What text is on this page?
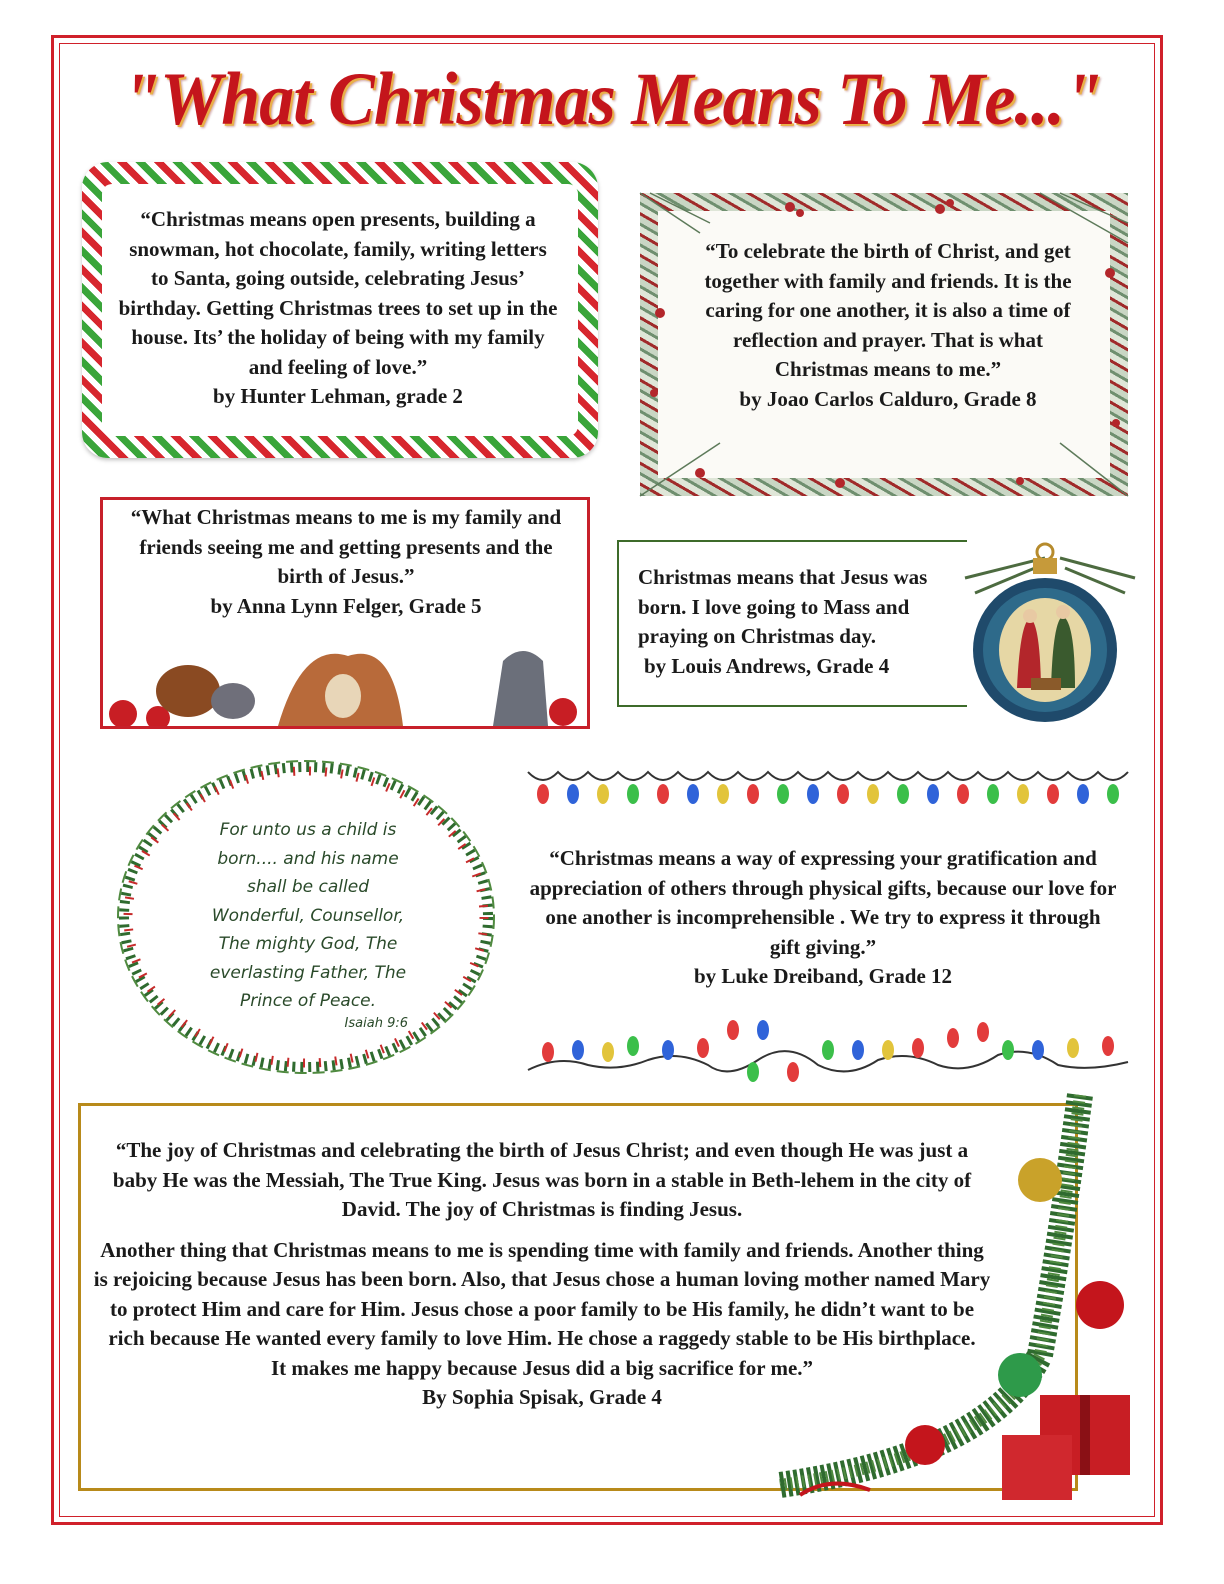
"What Christmas Means To Me..."

“Christmas means open presents, building a snowman, hot chocolate, family, writing letters to Santa, going outside, celebrating Jesus’ birthday. Getting Christmas trees to set up in the house. Its’ the holiday of being with my family and feeling of love.”

by Hunter Lehman, grade 2

“To celebrate the birth of Christ, and get together with family and friends. It is the caring for one another, it is also a time of reflection and prayer. That is what Christmas means to me.”

by Joao Carlos Calduro, Grade 8

“What Christmas means to me is my family and friends seeing me and getting presents and the birth of Jesus.”

by Anna Lynn Felger, Grade 5

Christmas means that Jesus was born. I love going to Mass and praying on Christmas day.

by Louis Andrews, Grade 4

For unto us a child is
born.... and his name
shall be called
Wonderful, Counsellor,
The mighty God, The
everlasting Father, The
Prince of Peace.
Isaiah 9:6

“Christmas means a way of expressing your gratification and appreciation of others through physical gifts, because our love for one another is incomprehensible . We try to express it through gift giving.”

by Luke Dreiband, Grade 12

“The joy of Christmas and celebrating the birth of Jesus Christ; and even though He was just a baby He was the Messiah, The True King. Jesus was born in a stable in Beth-lehem in the city of David. The joy of Christmas is finding Jesus.

Another thing that Christmas means to me is spending time with family and friends. Another thing is rejoicing because Jesus has been born. Also, that Jesus chose a human loving mother named Mary to protect Him and care for Him. Jesus chose a poor family to be His family, he didn’t want to be rich because He wanted every family to love Him. He chose a raggedy stable to be His birthplace.

It makes me happy because Jesus did a big sacrifice for me.”

By Sophia Spisak, Grade 4
